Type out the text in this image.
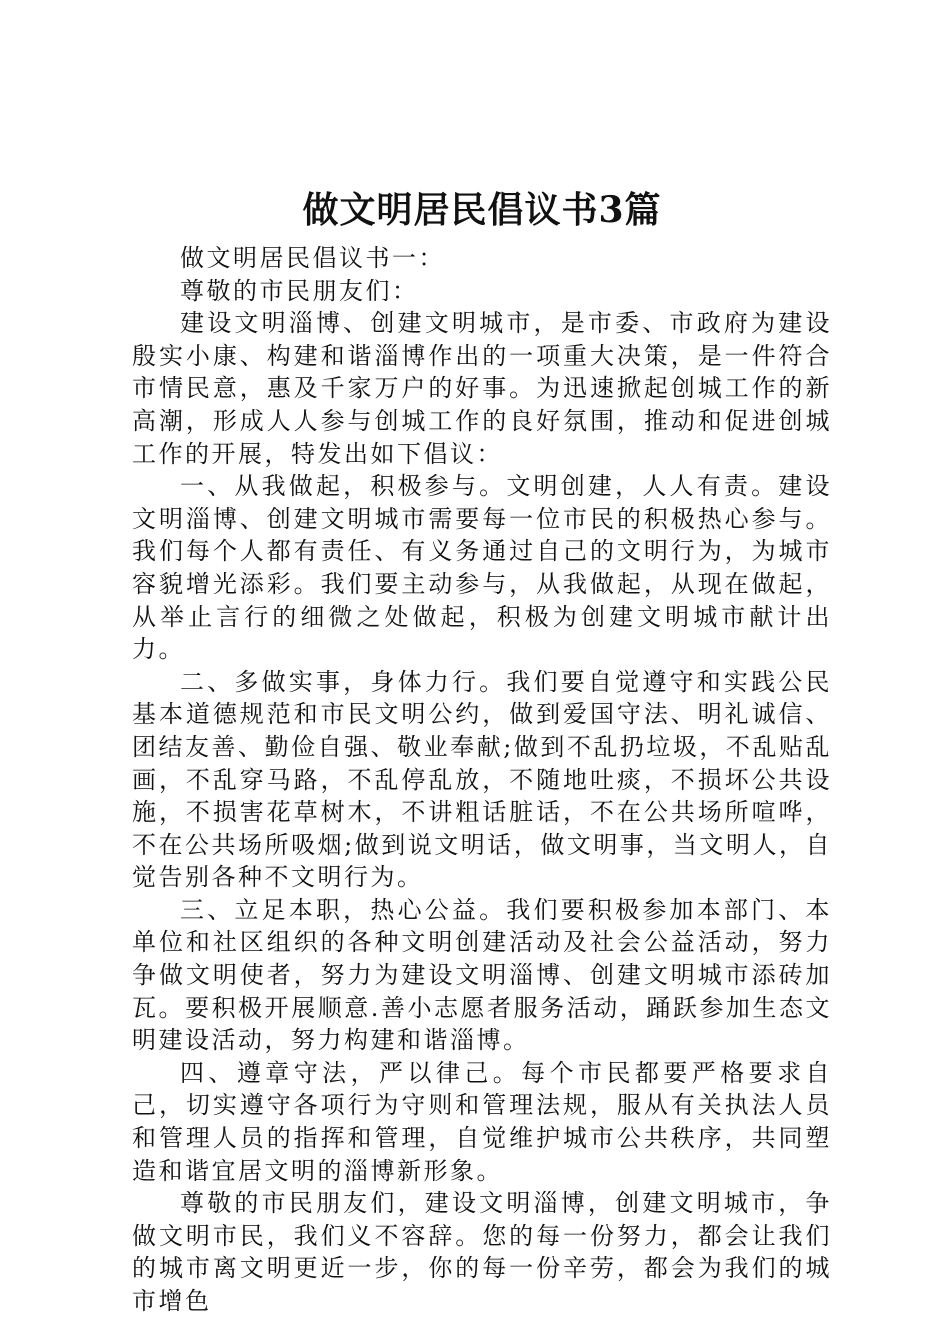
做文明居民倡议书3篇

做文明居民倡议书一：

尊敬的市民朋友们：

建设文明淄博、创建文明城市，是市委、市政府为建设殷实小康、构建和谐淄博作出的一项重大决策，是一件符合市情民意，惠及千家万户的好事。为迅速掀起创城工作的新高潮，形成人人参与创城工作的良好氛围，推动和促进创城工作的开展，特发出如下倡议：

一、从我做起，积极参与。文明创建，人人有责。建设文明淄博、创建文明城市需要每一位市民的积极热心参与。我们每个人都有责任、有义务通过自己的文明行为，为城市容貌增光添彩。我们要主动参与，从我做起，从现在做起，从举止言行的细微之处做起，积极为创建文明城市献计出力。

二、多做实事，身体力行。我们要自觉遵守和实践公民基本道德规范和市民文明公约，做到爱国守法、明礼诚信、团结友善、勤俭自强、敬业奉献;做到不乱扔垃圾，不乱贴乱画，不乱穿马路，不乱停乱放，不随地吐痰，不损坏公共设施，不损害花草树木，不讲粗话脏话，不在公共场所喧哗，不在公共场所吸烟;做到说文明话，做文明事，当文明人，自觉告别各种不文明行为。

三、立足本职，热心公益。我们要积极参加本部门、本单位和社区组织的各种文明创建活动及社会公益活动，努力争做文明使者，努力为建设文明淄博、创建文明城市添砖加瓦。要积极开展顺意.善小志愿者服务活动，踊跃参加生态文明建设活动，努力构建和谐淄博。

四、遵章守法，严以律己。每个市民都要严格要求自己，切实遵守各项行为守则和管理法规，服从有关执法人员和管理人员的指挥和管理，自觉维护城市公共秩序，共同塑造和谐宜居文明的淄博新形象。

尊敬的市民朋友们，建设文明淄博，创建文明城市，争做文明市民，我们义不容辞。您的每一份努力，都会让我们的城市离文明更近一步，你的每一份辛劳，都会为我们的城市增色
